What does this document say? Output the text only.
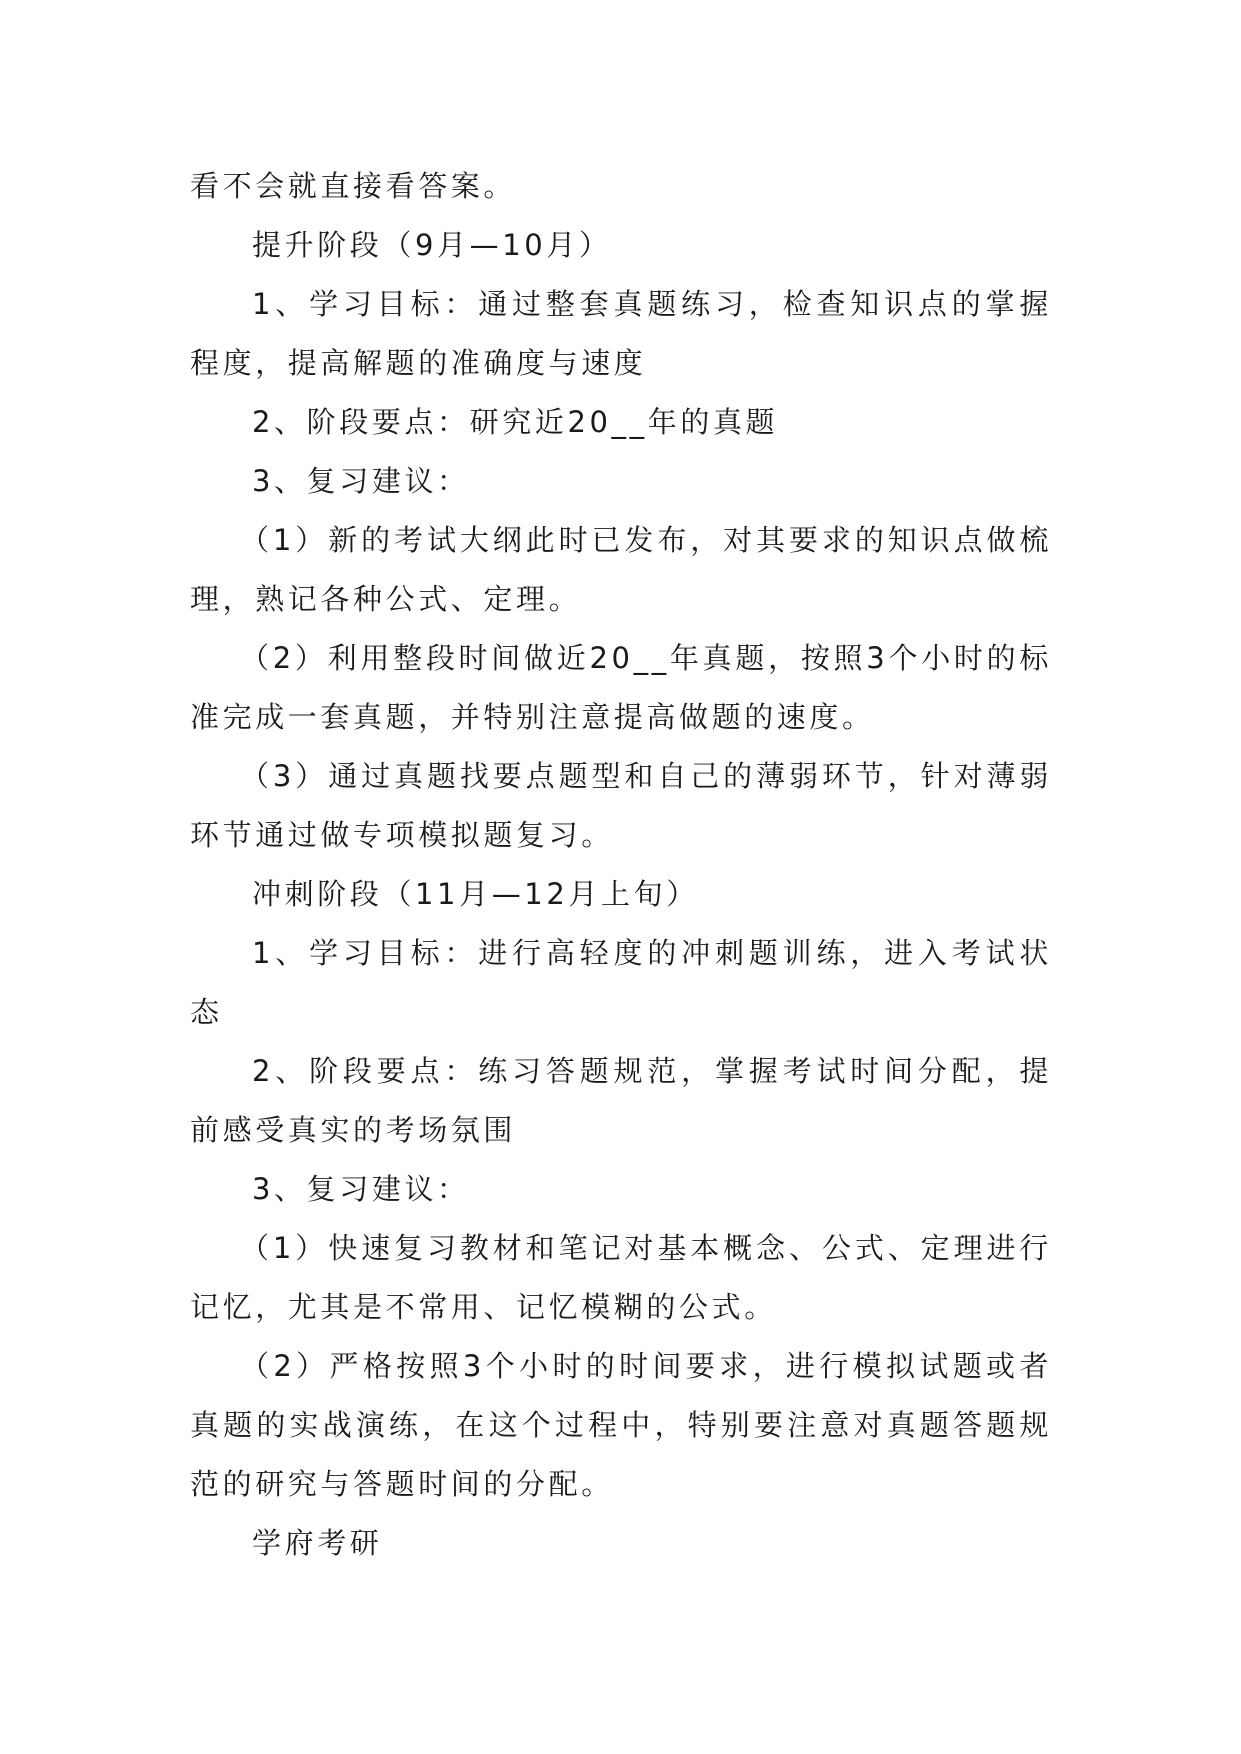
看不会就直接看答案。

提升阶段（9月—10月）

1、学习目标：通过整套真题练习，检查知识点的掌握程度，提高解题的准确度与速度

2、阶段要点：研究近20__年的真题

3、复习建议：

（1）新的考试大纲此时已发布，对其要求的知识点做梳理，熟记各种公式、定理。

（2）利用整段时间做近20__年真题，按照3个小时的标准完成一套真题，并特别注意提高做题的速度。

（3）通过真题找要点题型和自己的薄弱环节，针对薄弱环节通过做专项模拟题复习。

冲刺阶段（11月—12月上旬）

1、学习目标：进行高轻度的冲刺题训练，进入考试状态

2、阶段要点：练习答题规范，掌握考试时间分配，提前感受真实的考场氛围

3、复习建议：

（1）快速复习教材和笔记对基本概念、公式、定理进行记忆，尤其是不常用、记忆模糊的公式。

（2）严格按照3个小时的时间要求，进行模拟试题或者真题的实战演练，在这个过程中，特别要注意对真题答题规范的研究与答题时间的分配。

学府考研
